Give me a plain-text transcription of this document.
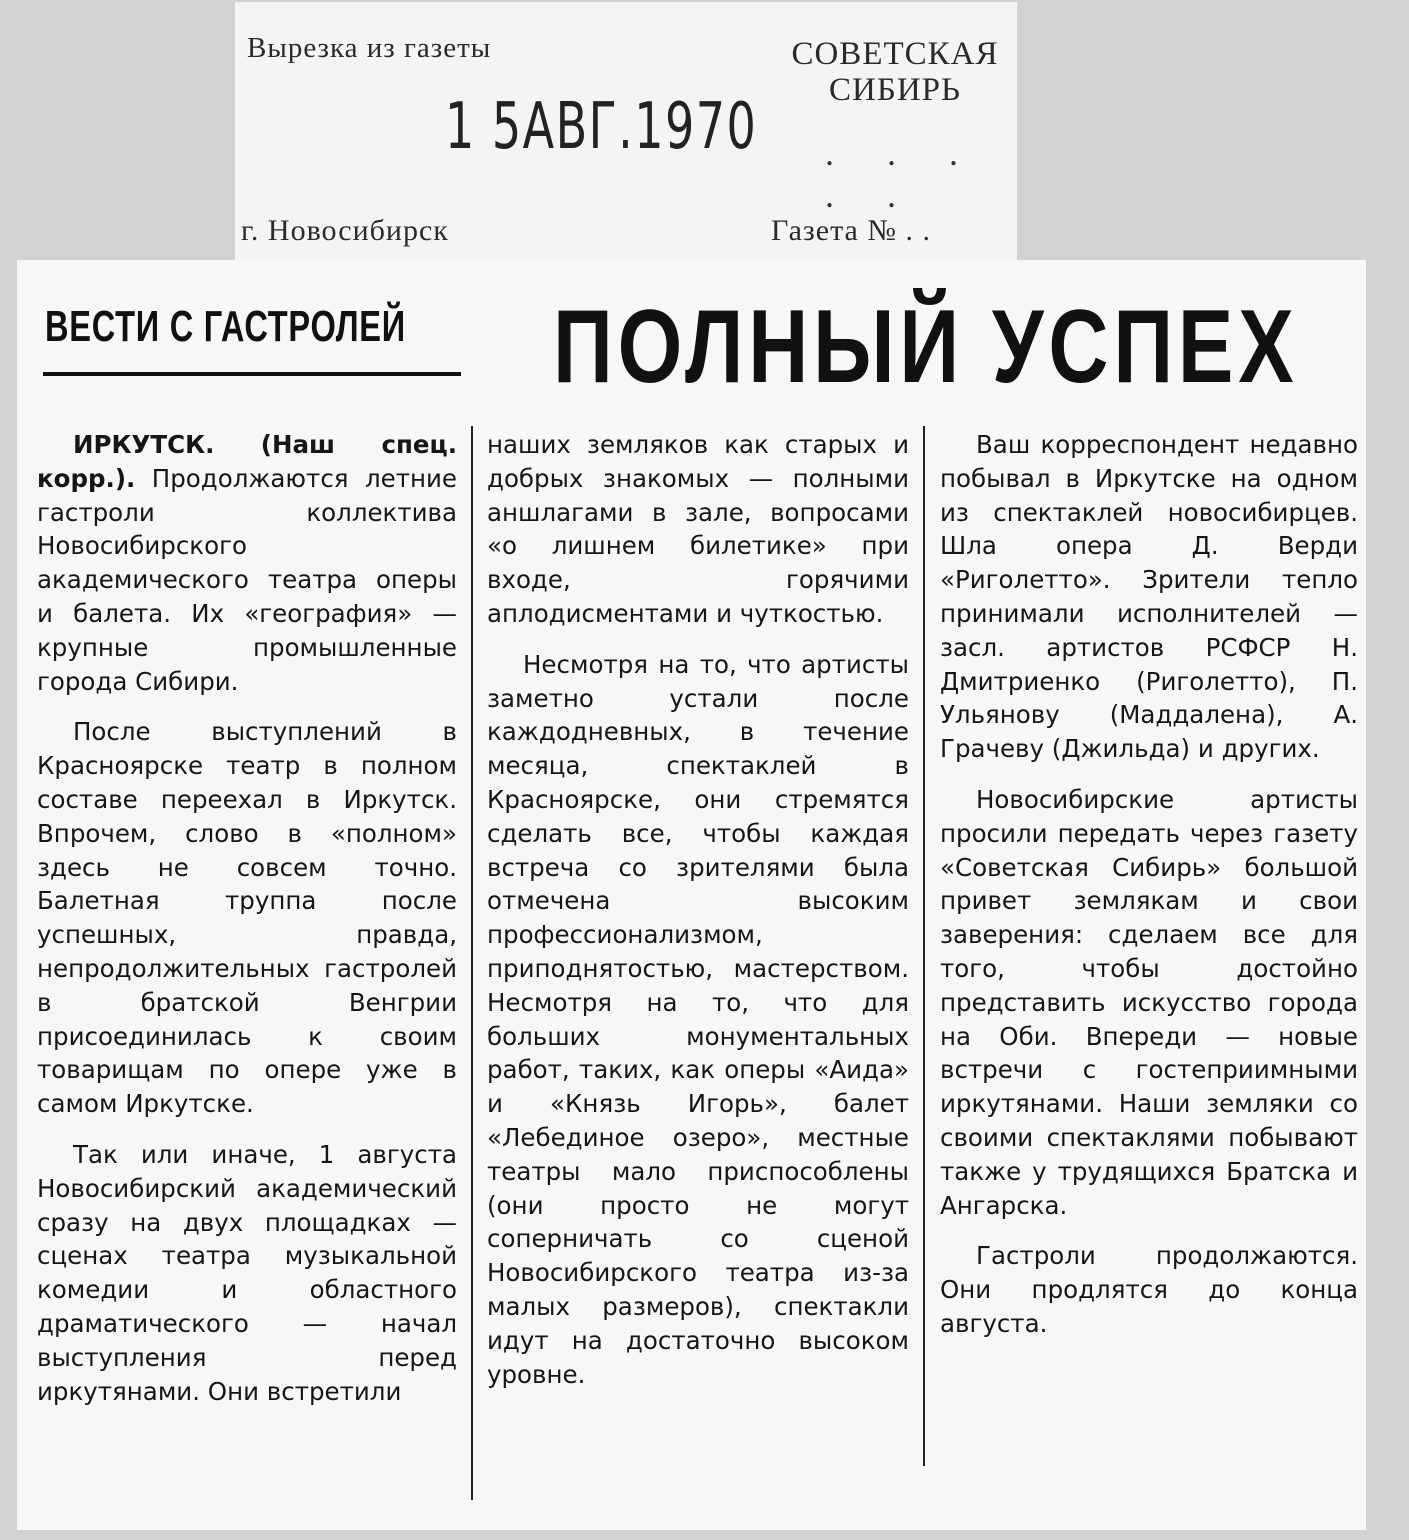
Вырезка из газеты	СОВЕТСКАЯ
СИБИРЬ
1 5АВГ.1970 . . . . .
г. Новосибирск	Газета № . .
ВЕСТИ С ГАСТРОЛЕЙ ПОЛНЫЙ УСПЕХ

ИРКУТСК. (Наш спец. корр.). Продолжаются летние гастроли коллектива Новосибирского академического театра оперы и балета. Их «география» — крупные промышленные города Сибири.

После выступлений в Красноярске театр в полном составе переехал в Иркутск. Впрочем, слово в «полном» здесь не совсем точно. Балетная труппа после успешных, правда, непродолжительных гастролей в братской Венгрии присоединилась к своим товарищам по опере уже в самом Иркутске.

Так или иначе, 1 августа Новосибирский академический сразу на двух площадках — сценах театра музыкальной комедии и областного драматического — начал выступления перед иркутянами. Они встретили

наших земляков как старых и добрых знакомых — полными аншлагами в зале, вопросами «о лишнем билетике» при входе, горячими аплодисментами и чуткостью.

Несмотря на то, что артисты заметно устали после каждодневных, в течение месяца, спектаклей в Красноярске, они стремятся сделать все, чтобы каждая встреча со зрителями была отмечена высоким профессионализмом, приподнятостью, мастерством. Несмотря на то, что для больших монументальных работ, таких, как оперы «Аида» и «Князь Игорь», балет «Лебединое озеро», местные театры мало приспособлены (они просто не могут соперничать со сценой Новосибирского театра из-за малых размеров), спектакли идут на достаточно высоком уровне.

Ваш корреспондент недавно побывал в Иркутске на одном из спектаклей новосибирцев. Шла опера Д. Верди «Риголетто». Зрители тепло принимали исполнителей — засл. артистов РСФСР Н. Дмитриенко (Риголетто), П. Ульянову (Маддалена), А. Грачеву (Джильда) и других.

Новосибирские артисты просили передать через газету «Советская Сибирь» большой привет землякам и свои заверения: сделаем все для того, чтобы достойно представить искусство города на Оби. Впереди — новые встречи с гостеприимными иркутянами. Наши земляки со своими спектаклями побывают также у трудящихся Братска и Ангарска.

Гастроли продолжаются. Они продлятся до конца августа.
